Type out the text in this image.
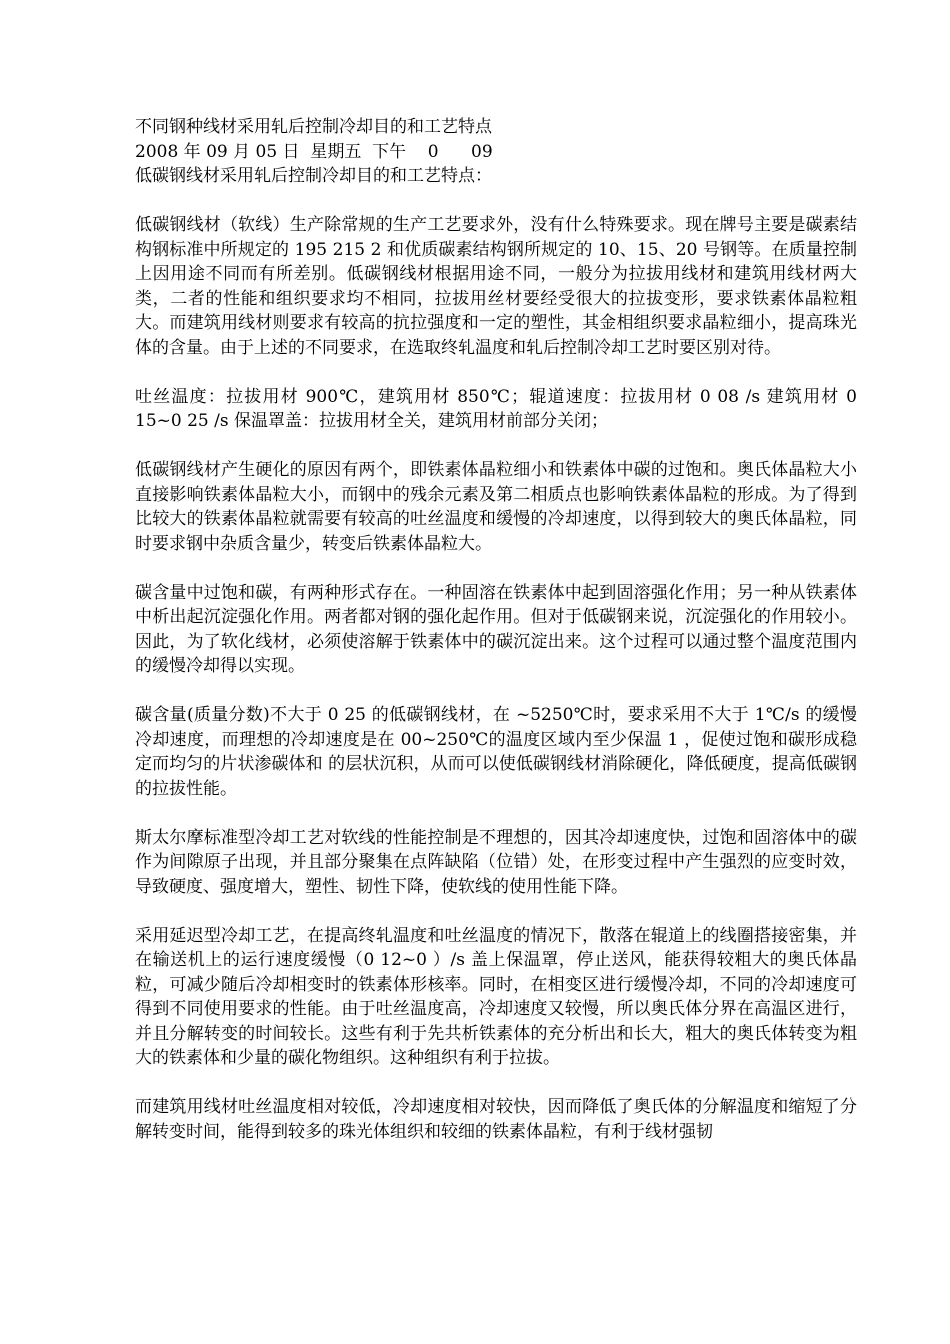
不同钢种线材采用轧后控制冷却目的和工艺特点

2008 年 09 月 05 日  星期五  下午    0      09

低碳钢线材采用轧后控制冷却目的和工艺特点：

低碳钢线材（软线）生产除常规的生产工艺要求外，没有什么特殊要求。现在牌号主要是碳素结构钢标准中所规定的 195 215 2 和优质碳素结构钢所规定的 10、15、20 号钢等。在质量控制上因用途不同而有所差别。低碳钢线材根据用途不同，一般分为拉拔用线材和建筑用线材两大类，二者的性能和组织要求均不相同，拉拔用丝材要经受很大的拉拔变形，要求铁素体晶粒粗大。而建筑用线材则要求有较高的抗拉强度和一定的塑性，其金相组织要求晶粒细小，提高珠光体的含量。由于上述的不同要求，在选取终轧温度和轧后控制冷却工艺时要区别对待。

吐丝温度：拉拔用材 900℃，建筑用材 850℃；辊道速度：拉拔用材 0 08 /s 建筑用材 0 15~0 25 /s 保温罩盖：拉拔用材全关，建筑用材前部分关闭；

低碳钢线材产生硬化的原因有两个，即铁素体晶粒细小和铁素体中碳的过饱和。奥氏体晶粒大小直接影响铁素体晶粒大小，而钢中的残余元素及第二相质点也影响铁素体晶粒的形成。为了得到比较大的铁素体晶粒就需要有较高的吐丝温度和缓慢的冷却速度，以得到较大的奥氏体晶粒，同时要求钢中杂质含量少，转变后铁素体晶粒大。

碳含量中过饱和碳，有两种形式存在。一种固溶在铁素体中起到固溶强化作用；另一种从铁素体中析出起沉淀强化作用。两者都对钢的强化起作用。但对于低碳钢来说，沉淀强化的作用较小。因此，为了软化线材，必须使溶解于铁素体中的碳沉淀出来。这个过程可以通过整个温度范围内的缓慢冷却得以实现。

碳含量(质量分数)不大于 0 25 的低碳钢线材，在 ~5250℃时，要求采用不大于 1℃/s 的缓慢冷却速度，而理想的冷却速度是在 00~250℃的温度区域内至少保温 1 ，促使过饱和碳形成稳定而均匀的片状渗碳体和 的层状沉积，从而可以使低碳钢线材消除硬化，降低硬度，提高低碳钢的拉拔性能。

斯太尔摩标准型冷却工艺对软线的性能控制是不理想的，因其冷却速度快，过饱和固溶体中的碳作为间隙原子出现，并且部分聚集在点阵缺陷（位错）处，在形变过程中产生强烈的应变时效，导致硬度、强度增大，塑性、韧性下降，使软线的使用性能下降。

采用延迟型冷却工艺，在提高终轧温度和吐丝温度的情况下，散落在辊道上的线圈搭接密集，并在输送机上的运行速度缓慢（0 12~0 ）/s 盖上保温罩，停止送风，能获得较粗大的奥氏体晶粒，可减少随后冷却相变时的铁素体形核率。同时，在相变区进行缓慢冷却，不同的冷却速度可得到不同使用要求的性能。由于吐丝温度高，冷却速度又较慢，所以奥氏体分界在高温区进行，并且分解转变的时间较长。这些有利于先共析铁素体的充分析出和长大，粗大的奥氏体转变为粗大的铁素体和少量的碳化物组织。这种组织有利于拉拔。

而建筑用线材吐丝温度相对较低，冷却速度相对较快，因而降低了奥氏体的分解温度和缩短了分解转变时间，能得到较多的珠光体组织和较细的铁素体晶粒，有利于线材强韧
